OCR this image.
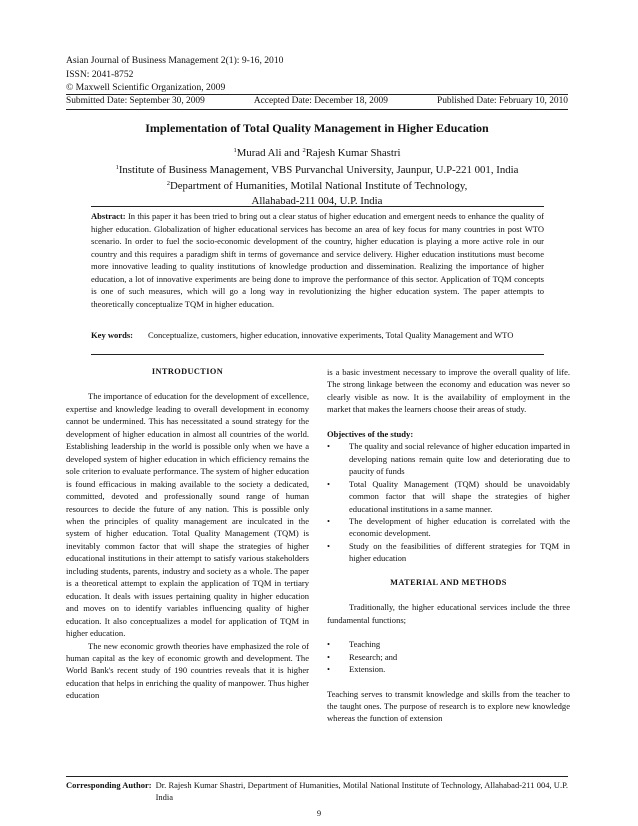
Asian Journal of Business Management 2(1): 9-16, 2010
ISSN: 2041-8752
© Maxwell Scientific Organization, 2009
Submitted Date: September 30, 2009	Accepted Date: December 18, 2009	Published Date: February 10, 2010
Implementation of Total Quality Management in Higher Education
$^1$Murad Ali and $^2$Rajesh Kumar Shastri
$^1$Institute of Business Management, VBS Purvanchal University, Jaunpur, U.P-221 001, India
$^2$Department of Humanities, Motilal National Institute of Technology,
Allahabad-211 004, U.P. India
Abstract: In this paper it has been tried to bring out a clear status of higher education and emergent needs to enhance the quality of higher education. Globalization of higher educational services has become an area of key focus for many countries in post WTO scenario. In order to fuel the socio-economic development of the country, higher education is playing a more active role in our country and this requires a paradigm shift in terms of governance and service delivery. Higher education institutions must become more innovative leading to quality institutions of knowledge production and dissemination. Realizing the importance of higher education, a lot of innovative experiments are being done to improve the performance of this sector. Application of TQM concepts is one of such measures, which will go a long way in revolutionizing the higher education system. The paper attempts to theoretically conceptualize TQM in higher education.
Key words:	Conceptualize, customers, higher education, innovative experiments, Total Quality Management and WTO
INTRODUCTION

The importance of education for the development of excellence, expertise and knowledge leading to overall development in economy cannot be undermined. This has necessitated a sound strategy for the development of higher education in almost all countries of the world. Establishing leadership in the world is possible only when we have a developed system of higher education in which efficiency remains the sole criterion to evaluate performance. The system of higher education is found efficacious in making available to the society a dedicated, committed, devoted and professionally sound range of human resources to decide the future of any nation. This is possible only when the principles of quality management are inculcated in the system of higher education. Total Quality Management (TQM) is inevitably common factor that will shape the strategies of higher educational institutions in their attempt to satisfy various stakeholders including students, parents, industry and society as a whole. The paper is a theoretical attempt to explain the application of TQM in tertiary education. It deals with issues pertaining quality in higher education and moves on to identify variables influencing quality of higher education. It also conceptualizes a model for application of TQM in higher education.

The new economic growth theories have emphasized the role of human capital as the key of economic growth and development. The World Bank's recent study of 190 countries reveals that it is higher education that helps in enriching the quality of manpower. Thus higher education

is a basic investment necessary to improve the overall quality of life. The strong linkage between the economy and education was never so clearly visible as now. It is the availability of employment in the market that makes the learners choose their areas of study.

Objectives of the study:
• The quality and social relevance of higher education imparted in developing nations remain quite low and deteriorating due to paucity of funds
• Total Quality Management (TQM) should be unavoidably common factor that will shape the strategies of higher educational institutions in a same manner.
• The development of higher education is correlated with the economic development.
• Study on the feasibilities of different strategies for TQM in higher education
MATERIAL AND METHODS

Traditionally, the higher educational services include the three fundamental functions;

• Teaching
• Research; and
• Extension.

Teaching serves to transmit knowledge and skills from the teacher to the taught ones. The purpose of research is to explore new knowledge whereas the function of extension

Corresponding Author: Dr. Rajesh Kumar Shastri, Department of Humanities, Motilal National Institute of Technology, Allahabad-211 004, U.P. India
9
